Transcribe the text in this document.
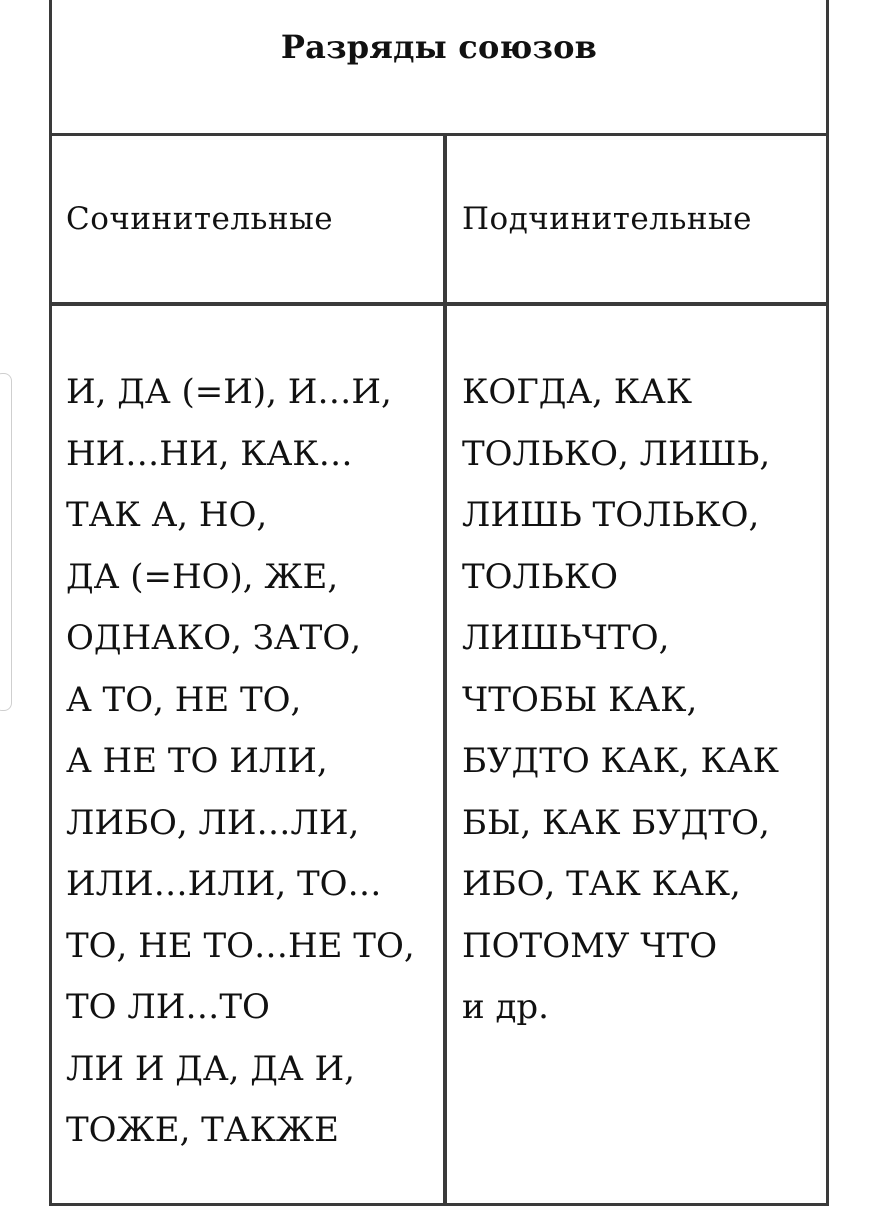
Разряды союзов
Сочинительные	Подчинительные
И, ДА (=И), И…И,
НИ…НИ, КАК…
ТАК А, НО,
ДА (=НО), ЖЕ,
ОДНАКО, ЗАТО,
А ТО, НЕ ТО,
А НЕ ТО ИЛИ,
ЛИБО, ЛИ…ЛИ,
ИЛИ…ИЛИ, ТО…
ТО, НЕ ТО…НЕ ТО,
ТО ЛИ…ТО
ЛИ И ДА, ДА И,
ТОЖЕ, ТАКЖЕ
КОГДА, КАК
ТОЛЬКО, ЛИШЬ,
ЛИШЬ ТОЛЬКО,
ТОЛЬКО
ЛИШЬЧТО,
ЧТОБЫ КАК,
БУДТО КАК, КАК
БЫ, КАК БУДТО,
ИБО, ТАК КАК,
ПОТОМУ ЧТО
и др.
